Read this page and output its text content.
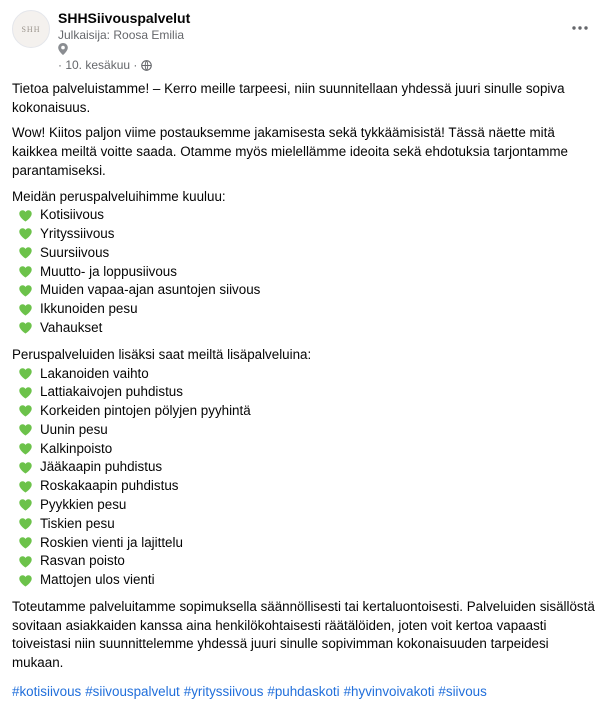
SHH
SHHSiivouspalvelut
Julkaisija: Roosa Emilia
· 10. kesäkuu ·

Tietoa palveluistamme! – Kerro meille tarpeesi, niin suunnitellaan yhdessä juuri sinulle sopiva kokonaisuus.

Wow! Kiitos paljon viime postauksemme jakamisesta sekä tykkäämisistä! Tässä näette mitä kaikkea meiltä voitte saada. Otamme myös mielellämme ideoita sekä ehdotuksia tarjontamme parantamiseksi.

Meidän peruspalveluihimme kuuluu:
Kotisiivous
Yrityssiivous
Suursiivous
Muutto- ja loppusiivous
Muiden vapaa-ajan asuntojen siivous
Ikkunoiden pesu
Vahaukset
Peruspalveluiden lisäksi saat meiltä lisäpalveluina:
Lakanoiden vaihto
Lattiakaivojen puhdistus
Korkeiden pintojen pölyjen pyyhintä
Uunin pesu
Kalkinpoisto
Jääkaapin puhdistus
Roskakaapin puhdistus
Pyykkien pesu
Tiskien pesu
Roskien vienti ja lajittelu
Rasvan poisto
Mattojen ulos vienti

Toteutamme palveluitamme sopimuksella säännöllisesti tai kertaluontoisesti. Palveluiden sisällöstä sovitaan asiakkaiden kanssa aina henkilökohtaisesti räätälöiden, joten voit kertoa vapaasti toiveistasi niin suunnittelemme yhdessä juuri sinulle sopivimman kokonaisuuden tarpeidesi mukaan.

#kotisiivous #siivouspalvelut #yrityssiivous #puhdaskoti #hyvinvoivakoti #siivous
